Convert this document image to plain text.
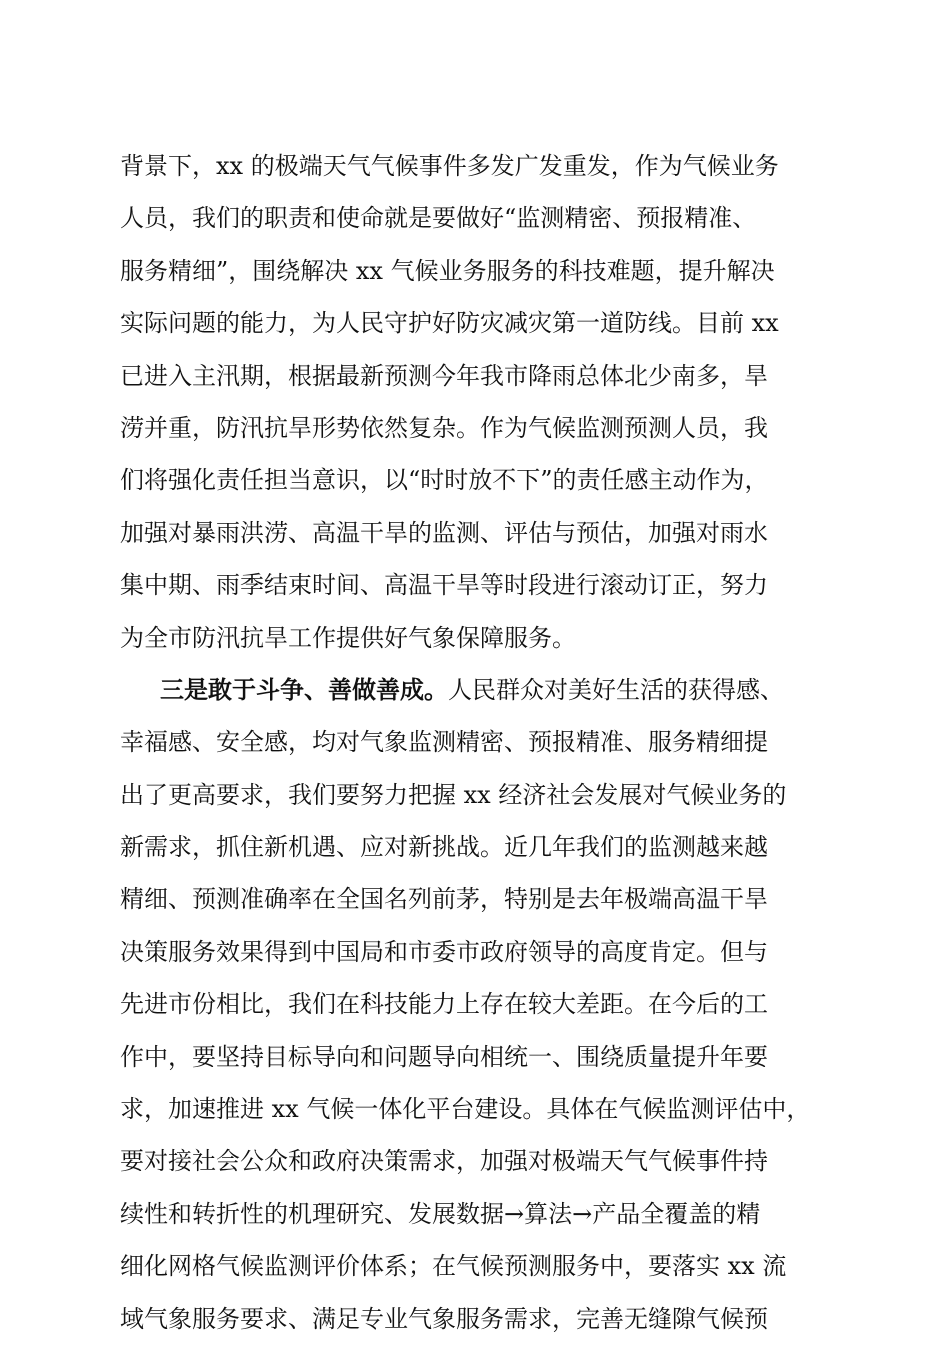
背景下，xx 的极端天气气候事件多发广发重发，作为气候业务
人员，我们的职责和使命就是要做好“监测精密、预报精准、
服务精细”，围绕解决 xx 气候业务服务的科技难题，提升解决
实际问题的能力，为人民守护好防灾减灾第一道防线。目前 xx
已进入主汛期，根据最新预测今年我市降雨总体北少南多，旱
涝并重，防汛抗旱形势依然复杂。作为气候监测预测人员，我
们将强化责任担当意识，以“时时放不下”的责任感主动作为，
加强对暴雨洪涝、高温干旱的监测、评估与预估，加强对雨水
集中期、雨季结束时间、高温干旱等时段进行滚动订正，努力
为全市防汛抗旱工作提供好气象保障服务。
三是敢于斗争、善做善成。人民群众对美好生活的获得感、
幸福感、安全感，均对气象监测精密、预报精准、服务精细提
出了更高要求，我们要努力把握 xx 经济社会发展对气候业务的
新需求，抓住新机遇、应对新挑战。近几年我们的监测越来越
精细、预测准确率在全国名列前茅，特别是去年极端高温干旱
决策服务效果得到中国局和市委市政府领导的高度肯定。但与
先进市份相比，我们在科技能力上存在较大差距。在今后的工
作中，要坚持目标导向和问题导向相统一、围绕质量提升年要
求，加速推进 xx 气候一体化平台建设。具体在气候监测评估中，
要对接社会公众和政府决策需求，加强对极端天气气候事件持
续性和转折性的机理研究、发展数据→算法→产品全覆盖的精
细化网格气候监测评价体系；在气候预测服务中，要落实 xx 流
域气象服务要求、满足专业气象服务需求，完善无缝隙气候预
